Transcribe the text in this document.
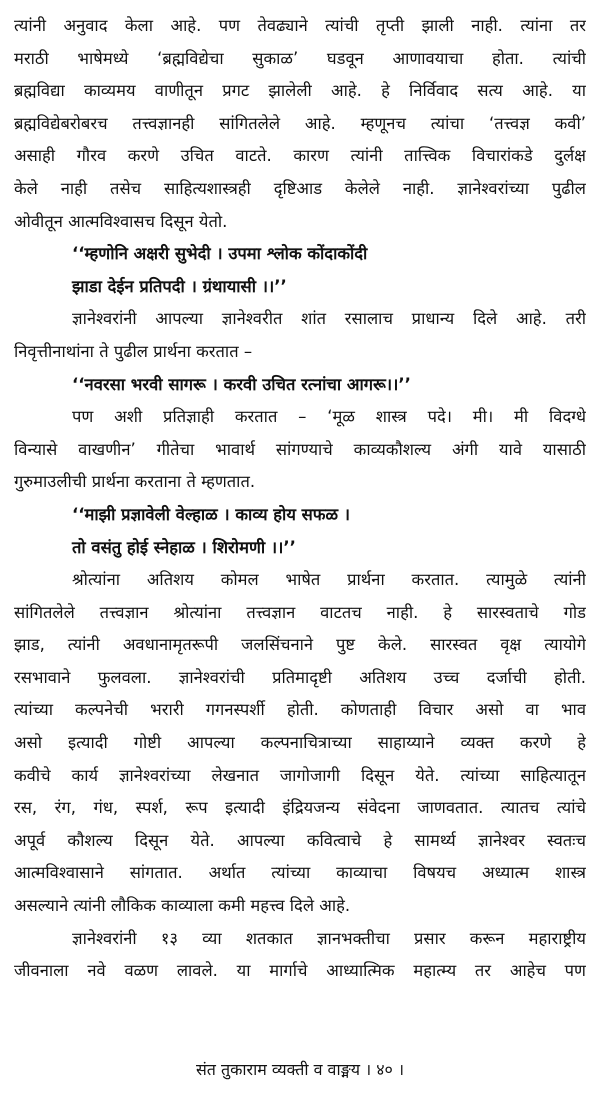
त्यांनी अनुवाद केला आहे. पण तेवढ्याने त्यांची तृप्ती झाली नाही. त्यांना तर
मराठी भाषेमध्ये ‘ब्रह्मविद्येचा सुकाळ’ घडवून आणावयाचा होता. त्यांची
ब्रह्मविद्या काव्यमय वाणीतून प्रगट झालेली आहे. हे निर्विवाद सत्य आहे. या
ब्रह्मविद्येबरोबरच तत्त्वज्ञानही सांगितलेले आहे. म्हणूनच त्यांचा ‘तत्त्वज्ञ कवी’
असाही गौरव करणे उचित वाटते. कारण त्यांनी तात्त्विक विचारांकडे दुर्लक्ष
केले नाही तसेच साहित्यशास्त्रही दृष्टिआड केलेले नाही. ज्ञानेश्वरांच्या पुढील
ओवीतून आत्मविश्वासच दिसून येतो.
‘‘म्हणोनि अक्षरी सुभेदी । उपमा श्लोक कोंदाकोंदी
झाडा देईन प्रतिपदी । ग्रंथायासी ।।’’
ज्ञानेश्वरांनी आपल्या ज्ञानेश्वरीत शांत रसालाच प्राधान्य दिले आहे. तरी
निवृत्तीनाथांना ते पुढील प्रार्थना करतात –
‘‘नवरसा भरवी सागरू । करवी उचित रत्नांचा आगरू।।’’
पण अशी प्रतिज्ञाही करतात – ‘मूळ शास्त्र पदे। मी। मी विदग्धे
विन्यासे वाखणीन’ गीतेचा भावार्थ सांगण्याचे काव्यकौशल्य अंगी यावे यासाठी
गुरुमाउलीची प्रार्थना करताना ते म्हणतात.
‘‘माझी प्रज्ञावेली वेल्हाळ । काव्य होय सफळ ।
तो वसंतु होई स्नेहाळ । शिरोमणी ।।’’
श्रोत्यांना अतिशय कोमल भाषेत प्रार्थना करतात. त्यामुळे त्यांनी
सांगितलेले तत्त्वज्ञान श्रोत्यांना तत्त्वज्ञान वाटतच नाही. हे सारस्वताचे गोड
झाड, त्यांनी अवधानामृतरूपी जलसिंचनाने पुष्ट केले. सारस्वत वृक्ष त्यायोगे
रसभावाने फुलवला. ज्ञानेश्वरांची प्रतिमादृष्टी अतिशय उच्च दर्जाची होती.
त्यांच्या कल्पनेची भरारी गगनस्पर्शी होती. कोणताही विचार असो वा भाव
असो इत्यादी गोष्टी आपल्या कल्पनाचित्राच्या साहाय्याने व्यक्त करणे हे
कवीचे कार्य ज्ञानेश्वरांच्या लेखनात जागोजागी दिसून येते. त्यांच्या साहित्यातून
रस, रंग, गंध, स्पर्श, रूप इत्यादी इंद्रियजन्य संवेदना जाणवतात. त्यातच त्यांचे
अपूर्व कौशल्य दिसून येते. आपल्या कवित्वाचे हे सामर्थ्य ज्ञानेश्वर स्वतःच
आत्मविश्वासाने सांगतात. अर्थात त्यांच्या काव्याचा विषयच अध्यात्म शास्त्र
असल्याने त्यांनी लौकिक काव्याला कमी महत्त्व दिले आहे.
ज्ञानेश्वरांनी १३ व्या शतकात ज्ञानभक्तीचा प्रसार करून महाराष्ट्रीय
जीवनाला नवे वळण लावले. या मार्गाचे आध्यात्मिक महात्म्य तर आहेच पण
संत तुकाराम व्यक्ती व वाङ्मय । ४० ।
